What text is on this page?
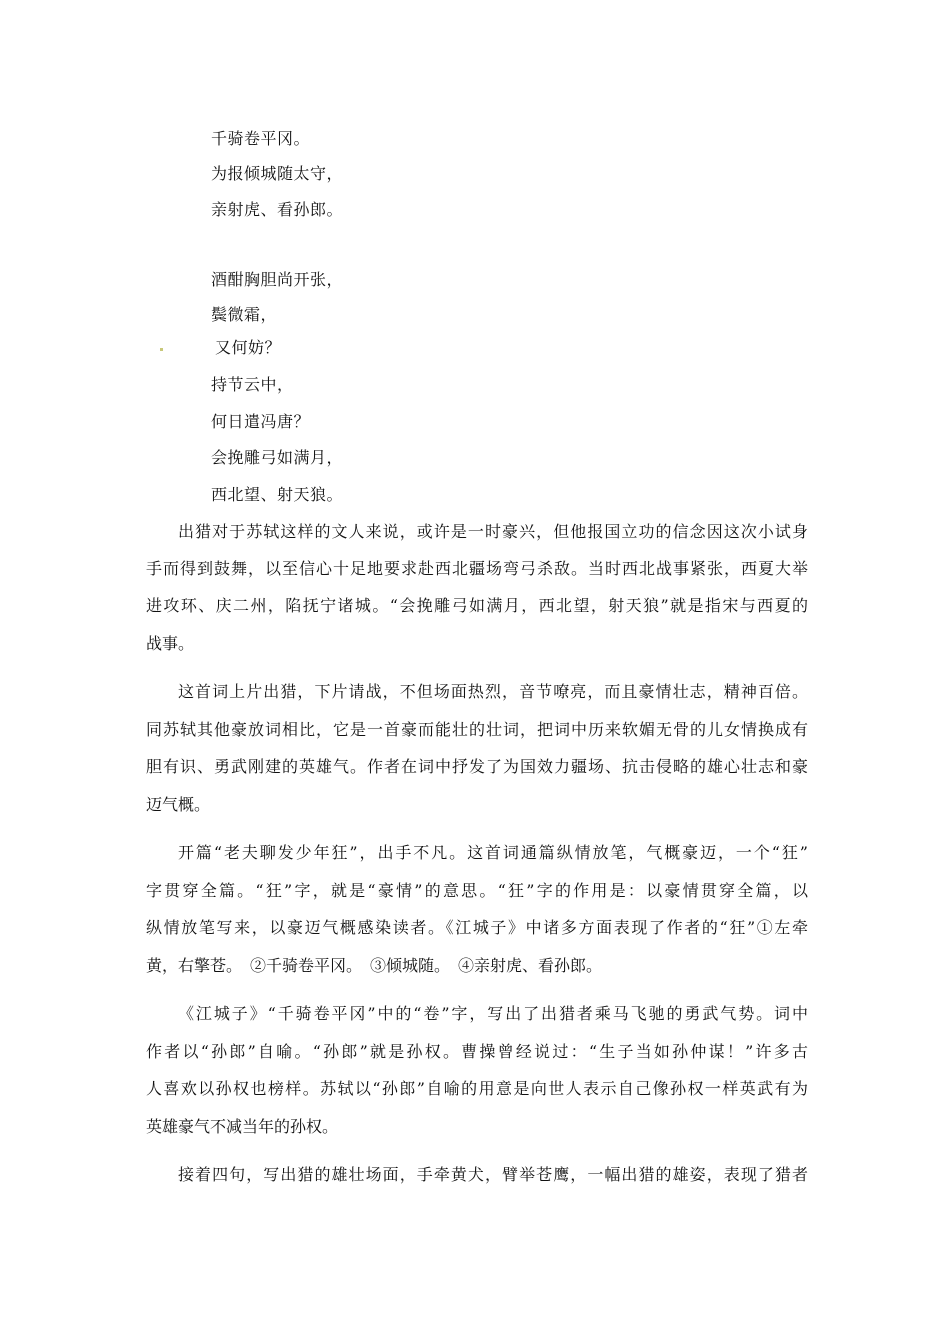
千骑卷平冈。
为报倾城随太守，
亲射虎、看孙郎。
酒酣胸胆尚开张，
鬓微霜，
又何妨？
持节云中，
何日遣冯唐？
会挽雕弓如满月，
西北望、射天狼。
出猎对于苏轼这样的文人来说，或许是一时豪兴，但他报国立功的信念因这次小试身
手而得到鼓舞，以至信心十足地要求赴西北疆场弯弓杀敌。当时西北战事紧张，西夏大举
进攻环、庆二州，陷抚宁诸城。“会挽雕弓如满月，西北望，射天狼”就是指宋与西夏的
战事。
这首词上片出猎，下片请战，不但场面热烈，音节嘹亮，而且豪情壮志，精神百倍。
同苏轼其他豪放词相比，它是一首豪而能壮的壮词，把词中历来软媚无骨的儿女情换成有
胆有识、勇武刚建的英雄气。作者在词中抒发了为国效力疆场、抗击侵略的雄心壮志和豪
迈气概。
开篇“老夫聊发少年狂”，出手不凡。这首词通篇纵情放笔，气概豪迈，一个“狂”
字贯穿全篇。“狂”字，就是“豪情”的意思。“狂”字的作用是：以豪情贯穿全篇，以
纵情放笔写来，以豪迈气概感染读者。《江城子》中诸多方面表现了作者的“狂”①左牵
黄，右擎苍。　②千骑卷平冈。　③倾城随。　④亲射虎、看孙郎。
《江城子》“千骑卷平冈”中的“卷”字，写出了出猎者乘马飞驰的勇武气势。词中
作者以“孙郎”自喻。“孙郎”就是孙权。曹操曾经说过：“生子当如孙仲谋！”许多古
人喜欢以孙权也榜样。苏轼以“孙郎”自喻的用意是向世人表示自己像孙权一样英武有为
英雄豪气不减当年的孙权。
接着四句，写出猎的雄壮场面，手牵黄犬，臂举苍鹰，一幅出猎的雄姿，表现了猎者
